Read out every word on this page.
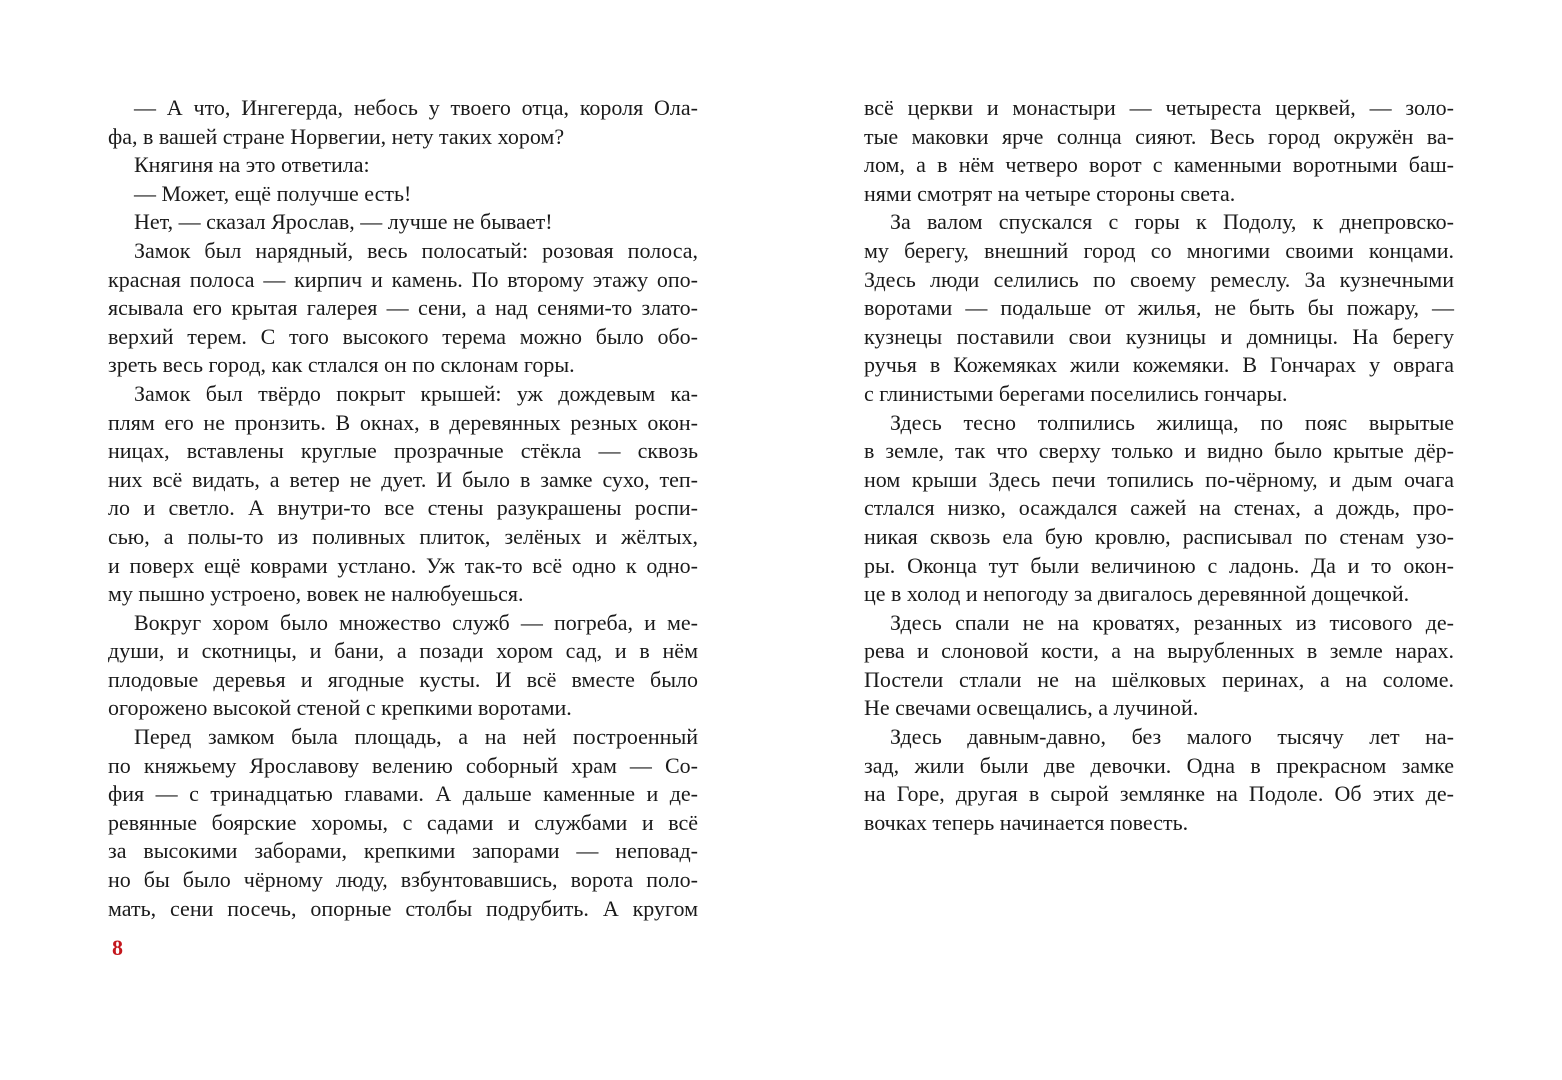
— А что, Ингегерда, небось у твоего отца, короля Ола-
фа, в вашей стране Норвегии, нету таких хором?
Княгиня на это ответила:
— Может, ещё получше есть!
Нет, — сказал Ярослав, — лучше не бывает!
Замок был нарядный, весь полосатый: розовая полоса,
красная полоса — кирпич и камень. По второму этажу опо-
ясывала его крытая галерея — сени, а над сенями-то злато-
верхий терем. С того высокого терема можно было обо-
зреть весь город, как стлался он по склонам горы.
Замок был твёрдо покрыт крышей: уж дождевым ка-
плям его не пронзить. В окнах, в деревянных резных окон-
ницах, вставлены круглые прозрачные стёкла — сквозь
них всё видать, а ветер не дует. И было в замке сухо, теп-
ло и светло. А внутри-то все стены разукрашены роспи-
сью, а полы-то из поливных плиток, зелёных и жёлтых,
и поверх ещё коврами устлано. Уж так-то всё одно к одно-
му пышно устроено, вовек не налюбуешься.
Вокруг хором было множество служб — погреба, и ме-
души, и скотницы, и бани, а позади хором сад, и в нём
плодовые деревья и ягодные кусты. И всё вместе было
огорожено высокой стеной с крепкими воротами.
Перед замком была площадь, а на ней построенный
по княжьему Ярославову велению соборный храм — Со-
фия — с тринадцатью главами. А дальше каменные и де-
ревянные боярские хоромы, с садами и службами и всё
за высокими заборами, крепкими запорами — неповад-
но бы было чёрному люду, взбунтовавшись, ворота поло-
мать, сени посечь, опорные столбы подрубить. А кругом
всё церкви и монастыри — четыреста церквей, — золо-
тые маковки ярче солнца сияют. Весь город окружён ва-
лом, а в нём четверо ворот с каменными воротными баш-
нями смотрят на четыре стороны света.
За валом спускался с горы к Подолу, к днепровско-
му берегу, внешний город со многими своими концами.
Здесь люди селились по своему ремеслу. За кузнечными
воротами — подальше от жилья, не быть бы пожару, —
кузнецы поставили свои кузницы и домницы. На берегу
ручья в Кожемяках жили кожемяки. В Гончарах у оврага
с глинистыми берегами поселились гончары.
Здесь тесно толпились жилища, по пояс вырытые
в земле, так что сверху только и видно было крытые дёр-
ном крыши Здесь печи топились по-чёрному, и дым очага
стлался низко, осаждался сажей на стенах, а дождь, про-
никая сквозь ела бую кровлю, расписывал по стенам узо-
ры. Оконца тут были величиною с ладонь. Да и то окон-
це в холод и непогоду за двигалось деревянной дощечкой.
Здесь спали не на кроватях, резанных из тисового де-
рева и слоновой кости, а на вырубленных в земле нарах.
Постели стлали не на шёлковых перинах, а на соломе.
Не свечами освещались, а лучиной.
Здесь давным-давно, без малого тысячу лет на-
зад, жили были две девочки. Одна в прекрасном замке
на Горе, другая в сырой землянке на Подоле. Об этих де-
вочках теперь начинается повесть.
8
